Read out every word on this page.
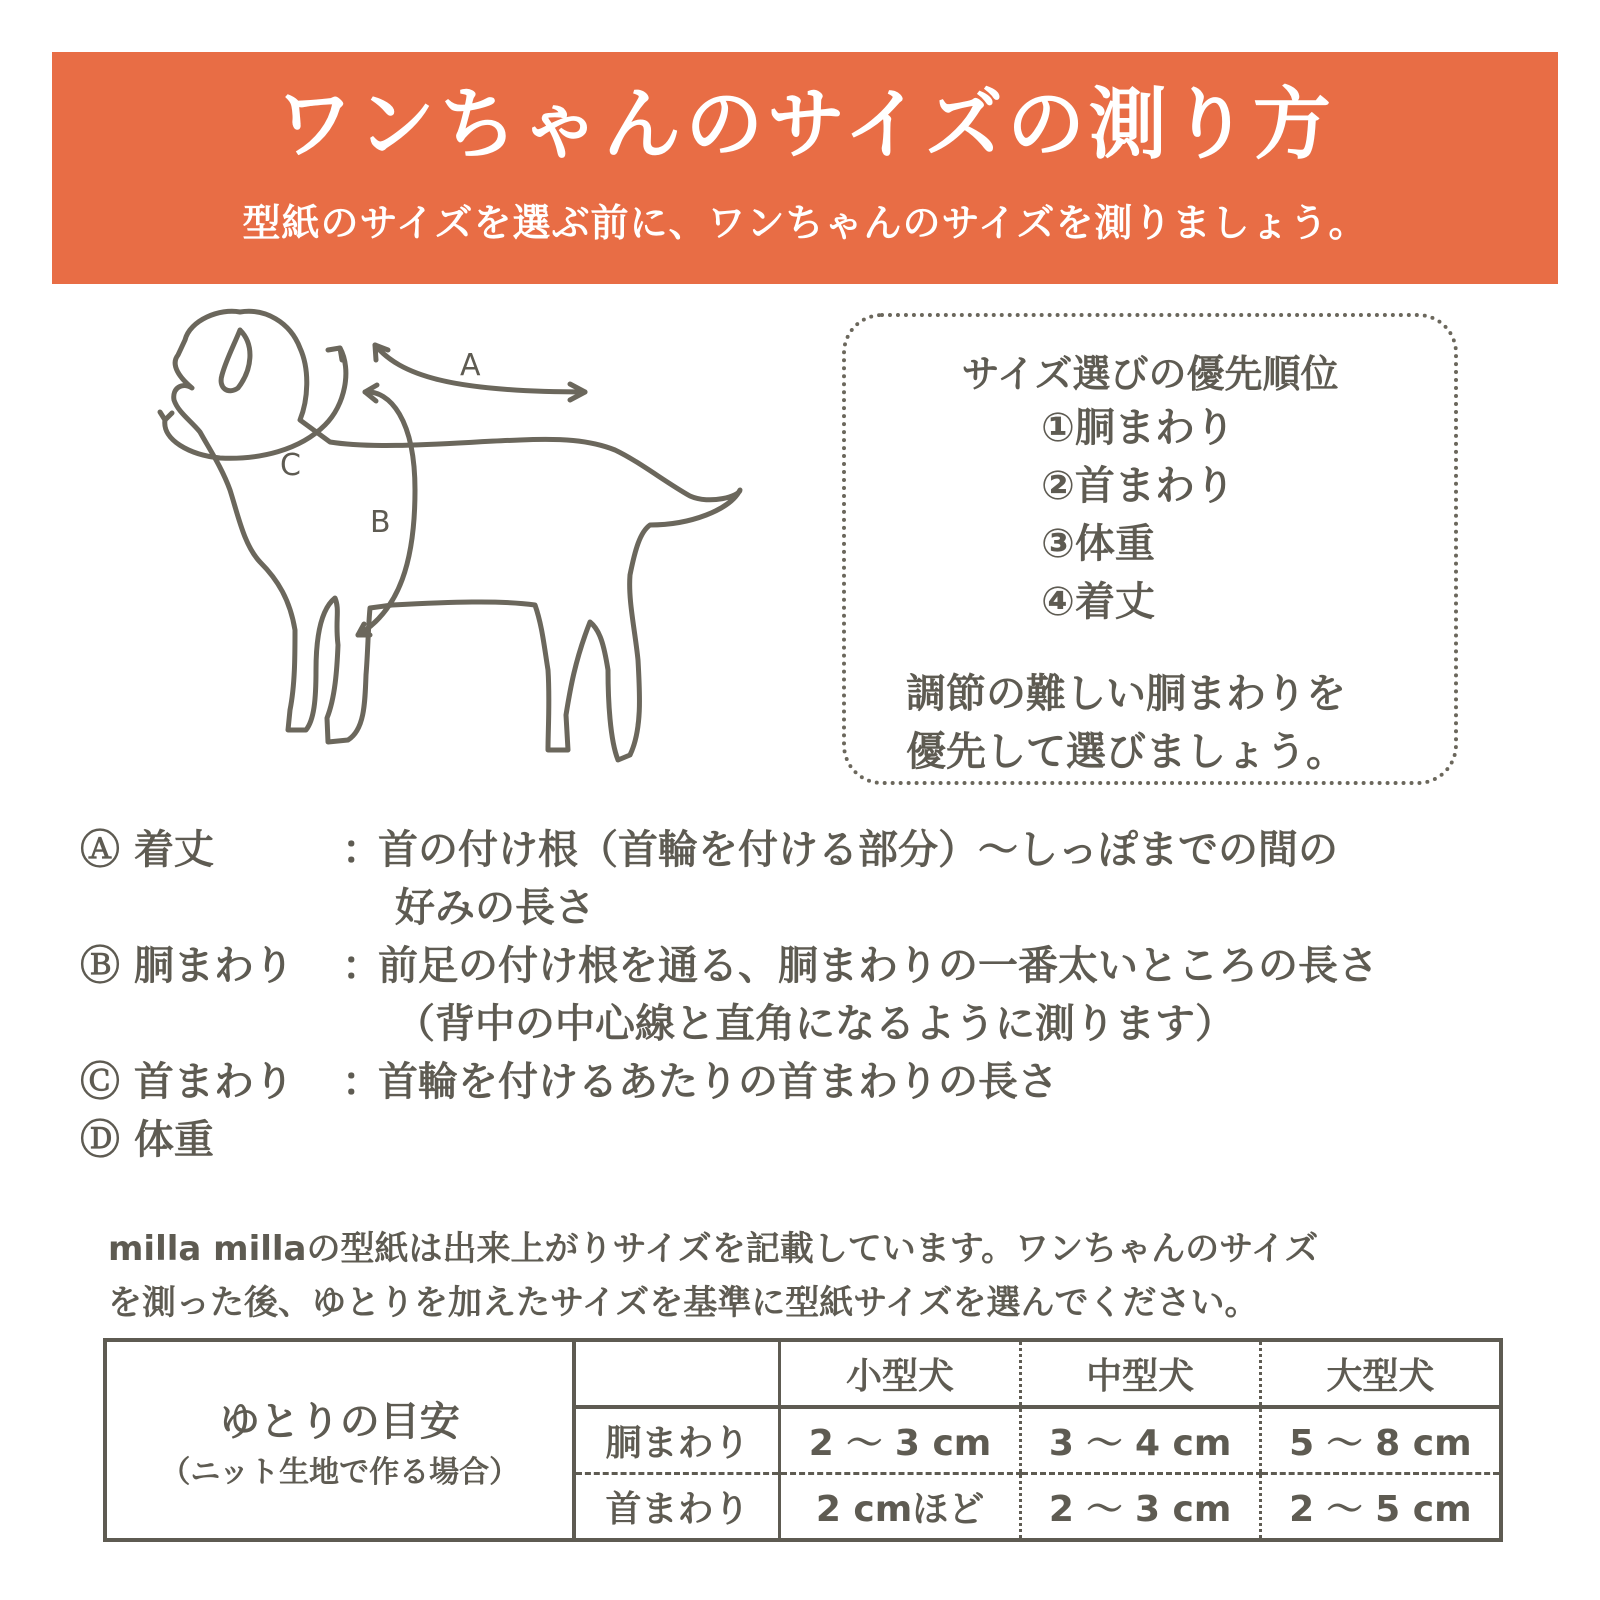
ワンちゃんのサイズの測り方
型紙のサイズを選ぶ前に、ワンちゃんのサイズを測りましょう。
A
B
C
サイズ選びの優先順位
①胴まわり
②首まわり
③体重
④着丈
調節の難しい胴まわりを
優先して選びましょう。
Ⓐ 着丈	：
首の付け根（首輪を付ける部分）～しっぽまでの間の
好みの長さ
Ⓑ 胴まわり ：
前足の付け根を通る、胴まわりの一番太いところの長さ
（背中の中心線と直角になるように測ります）
Ⓒ 首まわり ：
首輪を付けるあたりの首まわりの長さ
Ⓓ 体重
milla millaの型紙は出来上がりサイズを記載しています。ワンちゃんのサイズ
を測った後、ゆとりを加えたサイズを基準に型紙サイズを選んでください。
ゆとりの目安
（ニット生地で作る場合）		小型犬	中型犬	大型犬
	胴まわり	2 ～ 3 cm	3 ～ 4 cm	5 ～ 8 cm
	首まわり	2 cmほど	2 ～ 3 cm	2 ～ 5 cm
